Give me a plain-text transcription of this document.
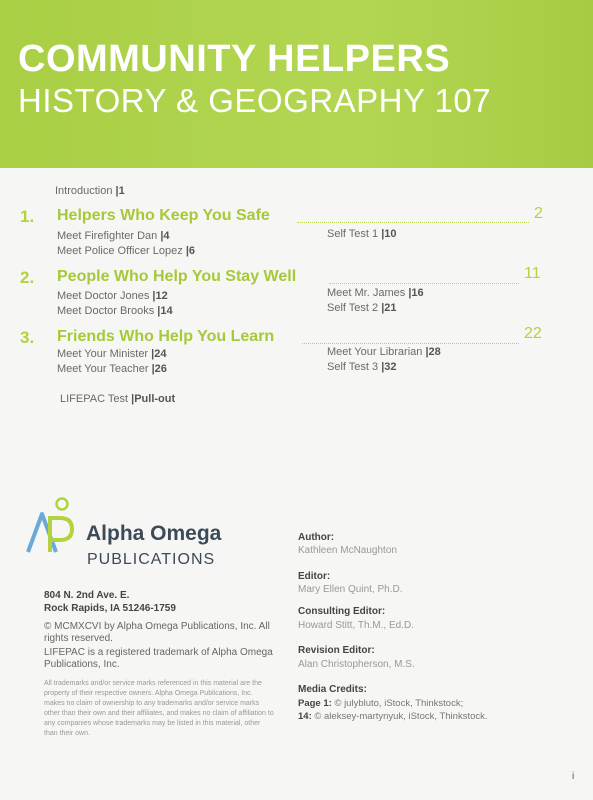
COMMUNITY HELPERS
HISTORY & GEOGRAPHY 107
Introduction |1
1. Helpers Who Keep You Safe	2
Meet Firefighter Dan |4
Meet Police Officer Lopez |6
Self Test 1 |10
2. People Who Help You Stay Well	11
Meet Doctor Jones |12
Meet Doctor Brooks |14
Meet Mr. James |16
Self Test 2 |21
3. Friends Who Help You Learn	22
Meet Your Minister |24
Meet Your Teacher |26
Meet Your Librarian |28
Self Test 3 |32
LIFEPAC Test |Pull-out
Alpha Omega
PUBLICATIONS
804 N. 2nd Ave. E.
Rock Rapids, IA 51246-1759
© MCMXCVI by Alpha Omega Publications, Inc. All rights reserved.
LIFEPAC is a registered trademark of Alpha Omega Publications, Inc.
All trademarks and/or service marks referenced in this material are the property of their respective owners. Alpha Omega Publications, Inc. makes no claim of ownership to any trademarks and/or service marks other than their own and their affiliates, and makes no claim of affiliation to any companies whose trademarks may be listed in this material, other than their own.
Author:
Kathleen McNaughton
Editor:
Mary Ellen Quint, Ph.D.
Consulting Editor:
Howard Stitt, Th.M., Ed.D.
Revision Editor:
Alan Christopherson, M.S.
Media Credits:
Page 1: © julybluto, iStock, Thinkstock;
14: © aleksey-martynyuk, iStock, Thinkstock.
i
